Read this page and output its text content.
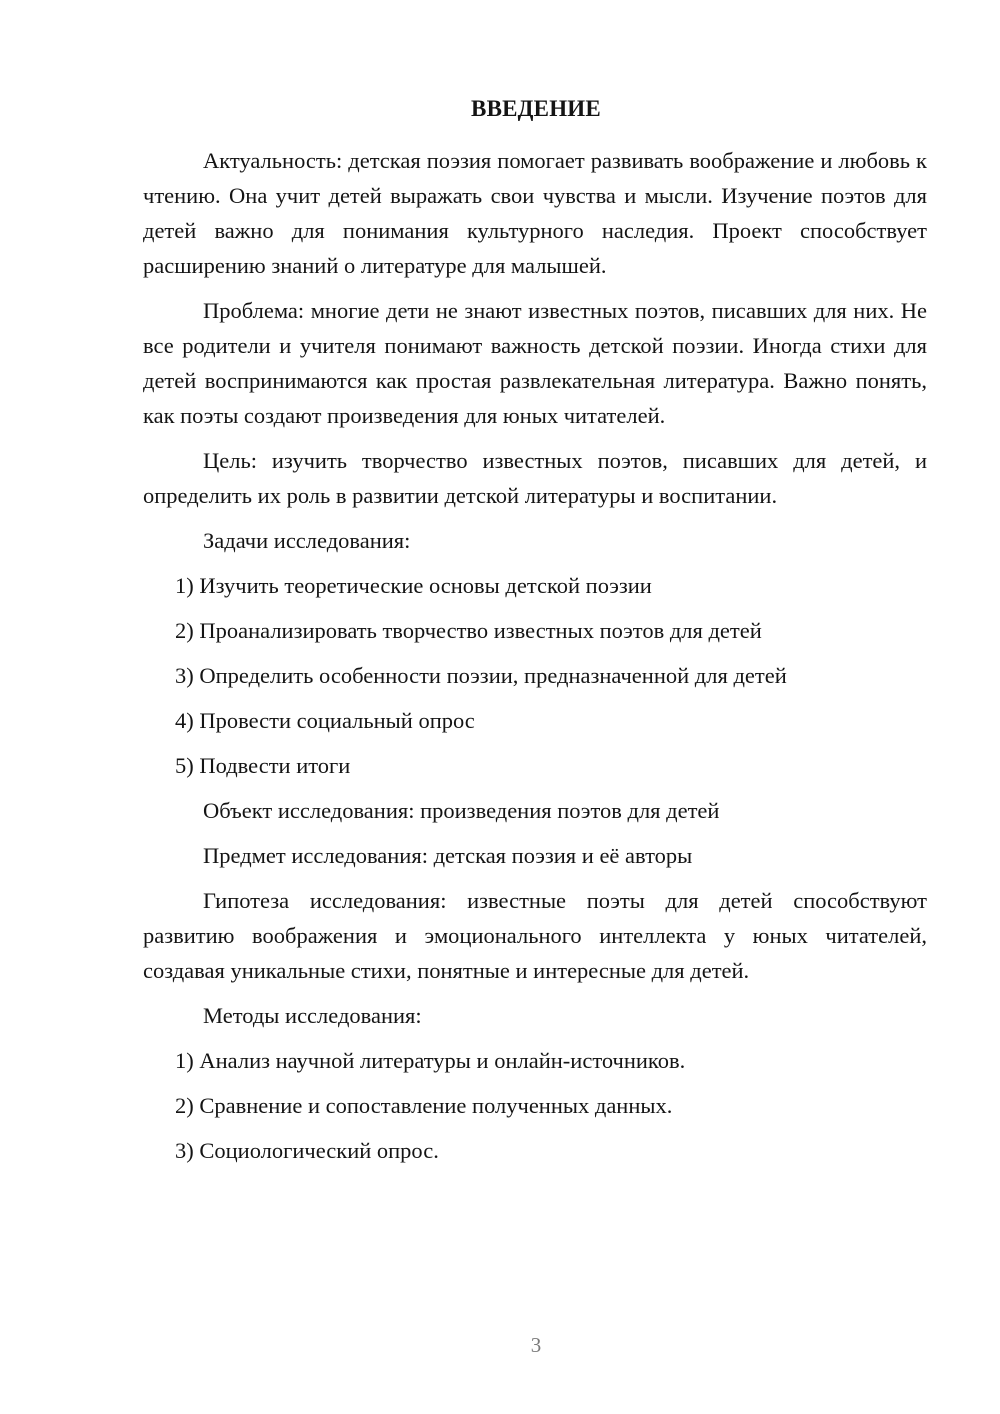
ВВЕДЕНИЕ

Актуальность: детская поэзия помогает развивать воображение и любовь к чтению. Она учит детей выражать свои чувства и мысли. Изучение поэтов для детей важно для понимания культурного наследия. Проект способствует расширению знаний о литературе для малышей.

Проблема: многие дети не знают известных поэтов, писавших для них. Не все родители и учителя понимают важность детской поэзии. Иногда стихи для детей воспринимаются как простая развлекательная литература. Важно понять, как поэты создают произведения для юных читателей.

Цель: изучить творчество известных поэтов, писавших для детей, и определить их роль в развитии детской литературы и воспитании.

Задачи исследования:

1) Изучить теоретические основы детской поэзии

2) Проанализировать творчество известных поэтов для детей

3) Определить особенности поэзии, предназначенной для детей

4) Провести социальный опрос

5) Подвести итоги

Объект исследования: произведения поэтов для детей

Предмет исследования: детская поэзия и её авторы

Гипотеза исследования: известные поэты для детей способствуют развитию воображения и эмоционального интеллекта у юных читателей, создавая уникальные стихи, понятные и интересные для детей.

Методы исследования:

1) Анализ научной литературы и онлайн-источников.

2) Сравнение и сопоставление полученных данных.

3) Социологический опрос.

3
